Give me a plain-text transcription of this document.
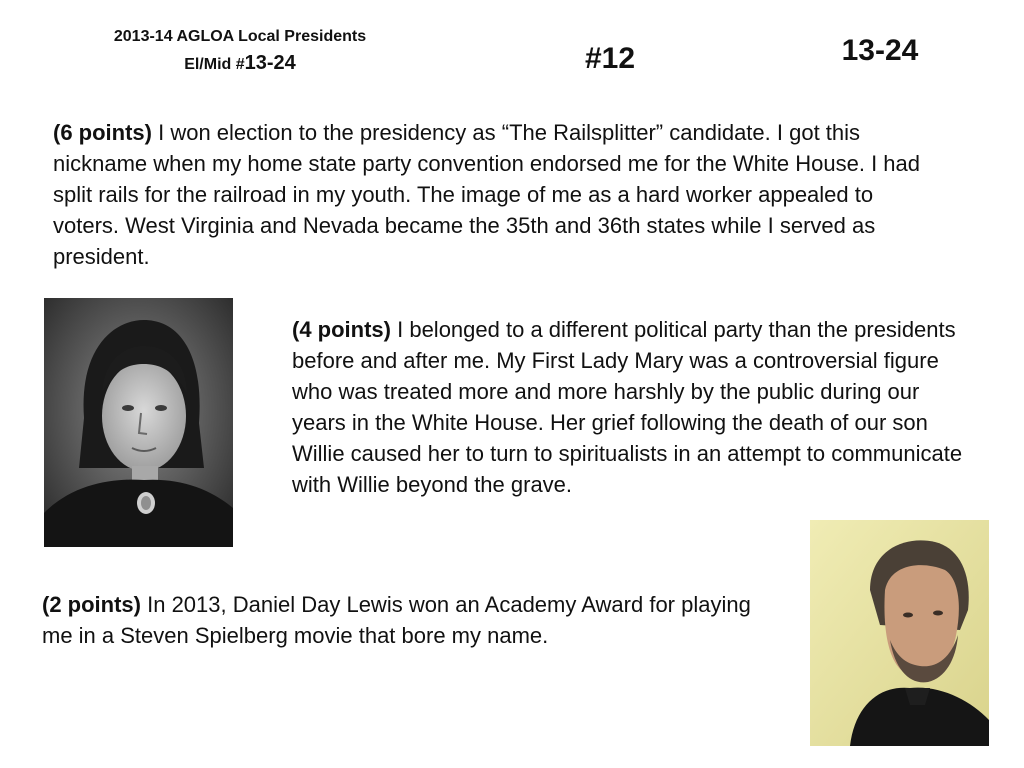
2013-14 AGLOA Local Presidents
El/Mid #13-24	#12	13-24
(6 points) I won election to the presidency as “The Railsplitter” candidate. I got this nickname when my home state party convention endorsed me for the White House. I had split rails for the railroad in my youth. The image of me as a hard worker appealed to voters. West Virginia and Nevada became the 35th and 36th states while I served as president.
(4 points) I belonged to a different political party than the presidents before and after me. My First Lady Mary was a controversial figure who was treated more and more harshly by the public during our years in the White House. Her grief following the death of our son Willie caused her to turn to spiritualists in an attempt to communicate with Willie beyond the grave.
(2 points) In 2013, Daniel Day Lewis won an Academy Award for playing me in a Steven Spielberg movie that bore my name.
